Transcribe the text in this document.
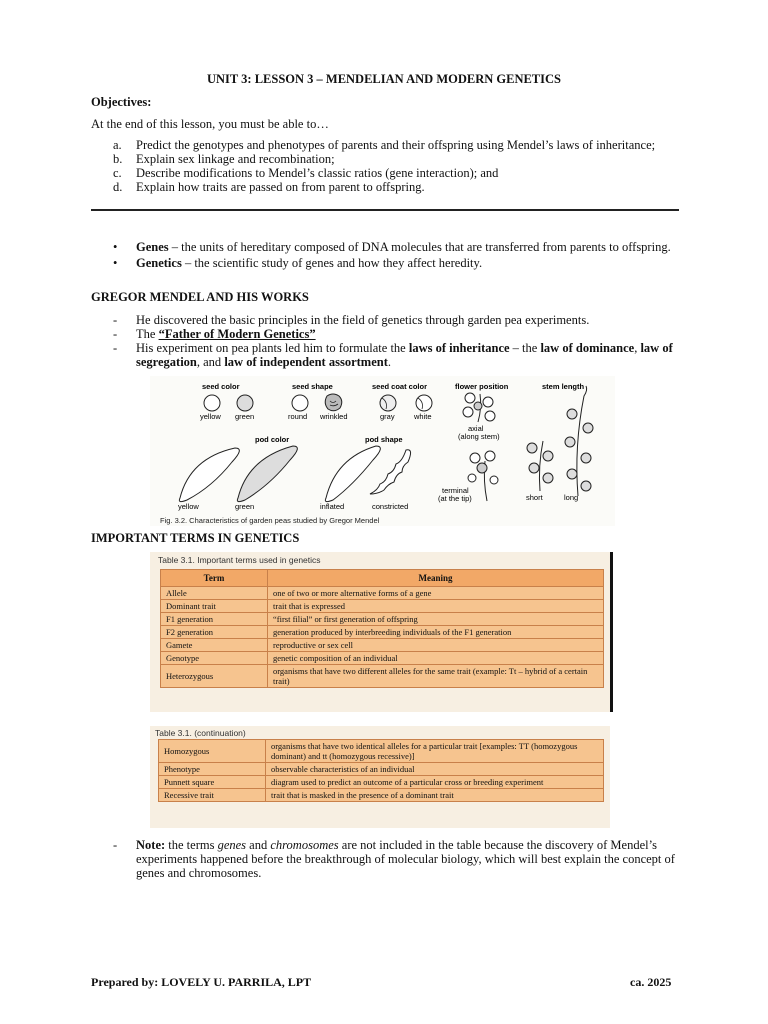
UNIT 3: LESSON 3 – MENDELIAN AND MODERN GENETICS
Objectives:
At the end of this lesson, you must be able to…
a. Predict the genotypes and phenotypes of parents and their offspring using Mendel’s laws of inheritance;
b. Explain sex linkage and recombination;
c. Describe modifications to Mendel’s classic ratios (gene interaction); and
d. Explain how traits are passed on from parent to offspring.
• Genes – the units of hereditary composed of DNA molecules that are transferred from parents to offspring.
• Genetics – the scientific study of genes and how they affect heredity.
GREGOR MENDEL AND HIS WORKS
- He discovered the basic principles in the field of genetics through garden pea experiments.
- The “Father of Modern Genetics”
- His experiment on pea plants led him to formulate the laws of inheritance – the law of dominance, law of segregation, and law of independent assortment.
seed color	seed shape	seed coat color	flower position	stem length
yellow green	round wrinkled	gray	white
axial
(along stem)
terminal
(at the tip)	short	long
pod color	pod shape
yellow	green	inflated	constricted
Fig. 3.2. Characteristics of garden peas studied by Gregor Mendel
IMPORTANT TERMS IN GENETICS
Table 3.1. Important terms used in genetics
Term	Meaning
Allele	one of two or more alternative forms of a gene
Dominant trait	trait that is expressed
F1 generation	“first filial” or first generation of offspring
F2 generation	generation produced by interbreeding individuals of the F1 generation
Gamete	reproductive or sex cell
Genotype	genetic composition of an individual
Heterozygous	organisms that have two different alleles for the same trait (example: Tt – hybrid of a certain trait)
Table 3.1. (continuation)
Homozygous	organisms that have two identical alleles for a particular trait [examples: TT (homozygous dominant) and tt (homozygous recessive)]
Phenotype	observable characteristics of an individual
Punnett square	diagram used to predict an outcome of a particular cross or breeding experiment
Recessive trait	trait that is masked in the presence of a dominant trait
- Note: the terms genes and chromosomes are not included in the table because the discovery of Mendel’s experiments happened before the breakthrough of molecular biology, which will best explain the concept of genes and chromosomes.
Prepared by: LOVELY U. PARRILA, LPT	ca. 2025
